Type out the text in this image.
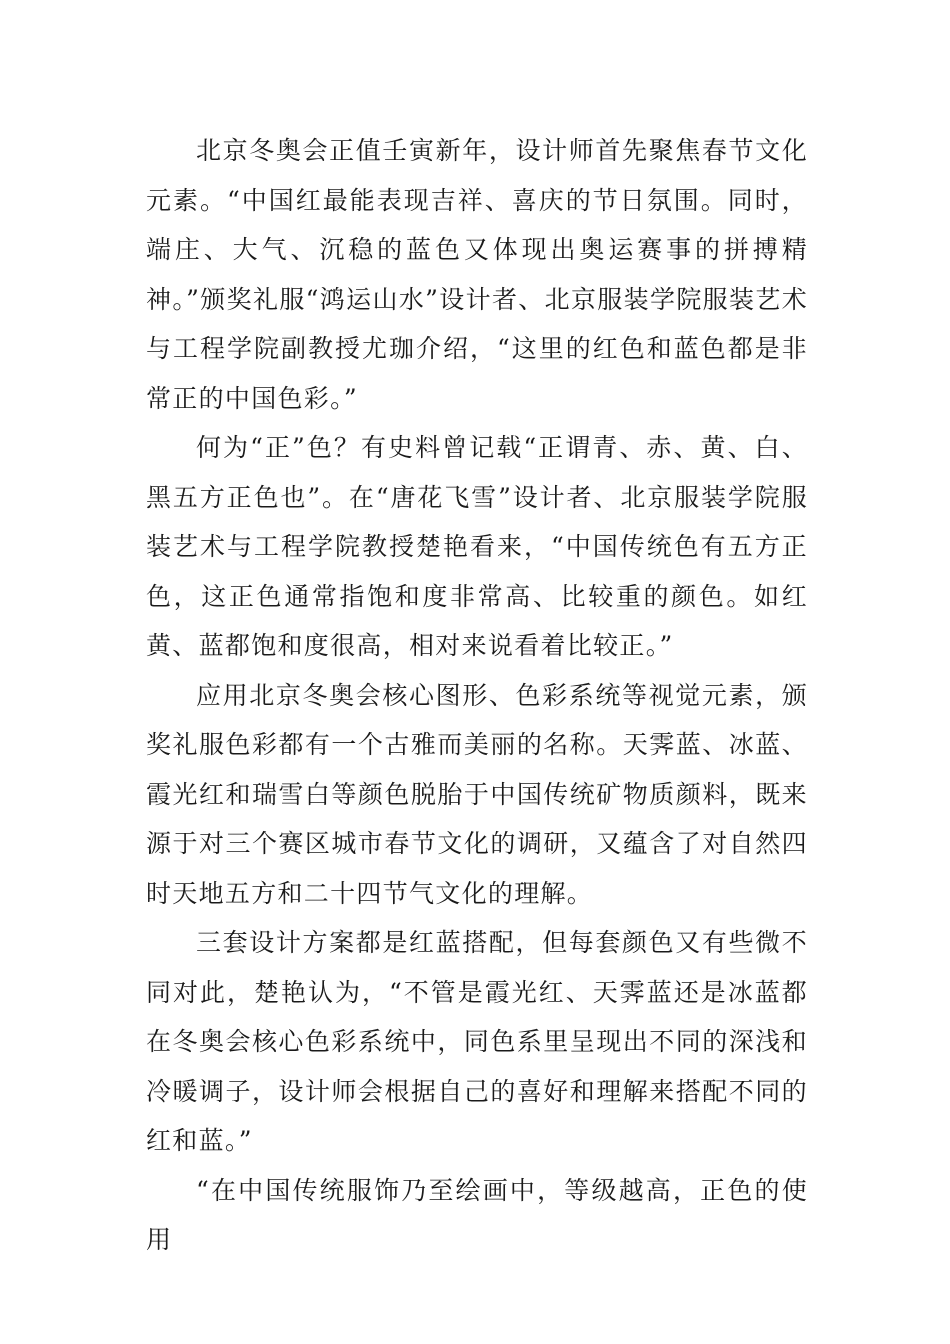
北京冬奥会正值壬寅新年，设计师首先聚焦春节文化元素。“中国红最能表现吉祥、喜庆的节日氛围。同时，端庄、大气、沉稳的蓝色又体现出奥运赛事的拼搏精神。”颁奖礼服“鸿运山水”设计者、北京服装学院服装艺术与工程学院副教授尤珈介绍，“这里的红色和蓝色都是非常正的中国色彩。”

何为“正”色？有史料曾记载“正谓青、赤、黄、白、黑五方正色也”。在“唐花飞雪”设计者、北京服装学院服装艺术与工程学院教授楚艳看来，“中国传统色有五方正色，这正色通常指饱和度非常高、比较重的颜色。如红黄、蓝都饱和度很高，相对来说看着比较正。”

应用北京冬奥会核心图形、色彩系统等视觉元素，颁奖礼服色彩都有一个古雅而美丽的名称。天霁蓝、冰蓝、霞光红和瑞雪白等颜色脱胎于中国传统矿物质颜料，既来源于对三个赛区城市春节文化的调研，又蕴含了对自然四时天地五方和二十四节气文化的理解。

三套设计方案都是红蓝搭配，但每套颜色又有些微不同对此，楚艳认为，“不管是霞光红、天霁蓝还是冰蓝都在冬奥会核心色彩系统中，同色系里呈现出不同的深浅和冷暖调子，设计师会根据自己的喜好和理解来搭配不同的红和蓝。”

“在中国传统服饰乃至绘画中，等级越高，正色的使用
